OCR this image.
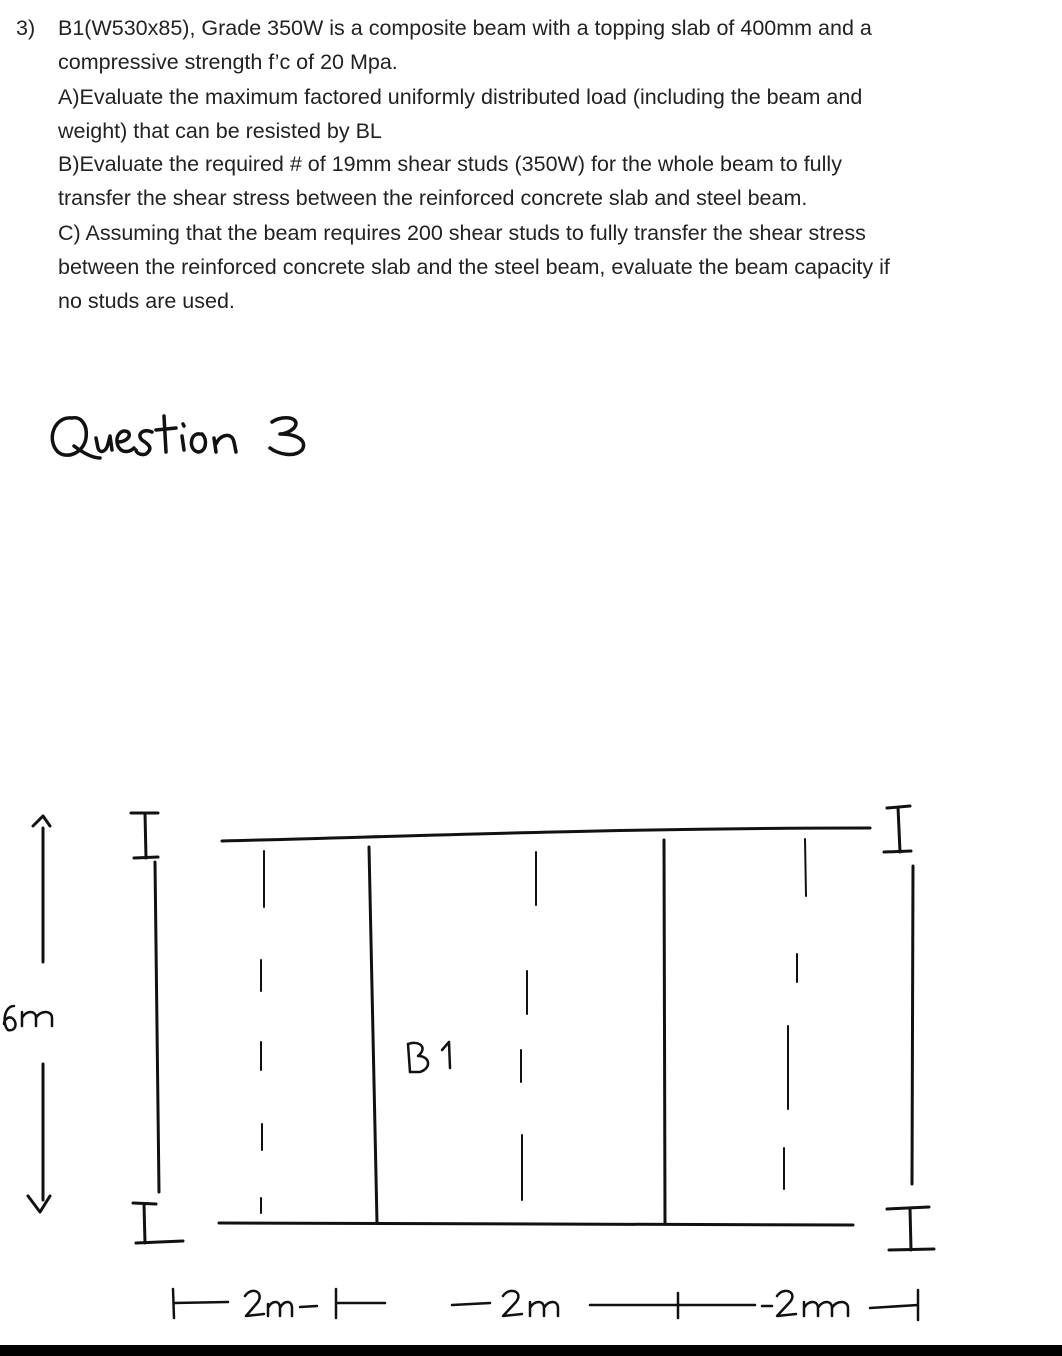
3) B1(W530x85), Grade 350W is a composite beam with a topping slab of 400mm and a
compressive strength f’c of 20 Mpa.
A)Evaluate the maximum factored uniformly distributed load (including the beam and
weight) that can be resisted by BL
B)Evaluate the required # of 19mm shear studs (350W) for the whole beam to fully
transfer the shear stress between the reinforced concrete slab and steel beam.
C) Assuming that the beam requires 200 shear studs to fully transfer the shear stress
between the reinforced concrete slab and the steel beam, evaluate the beam capacity if
no studs are used.
